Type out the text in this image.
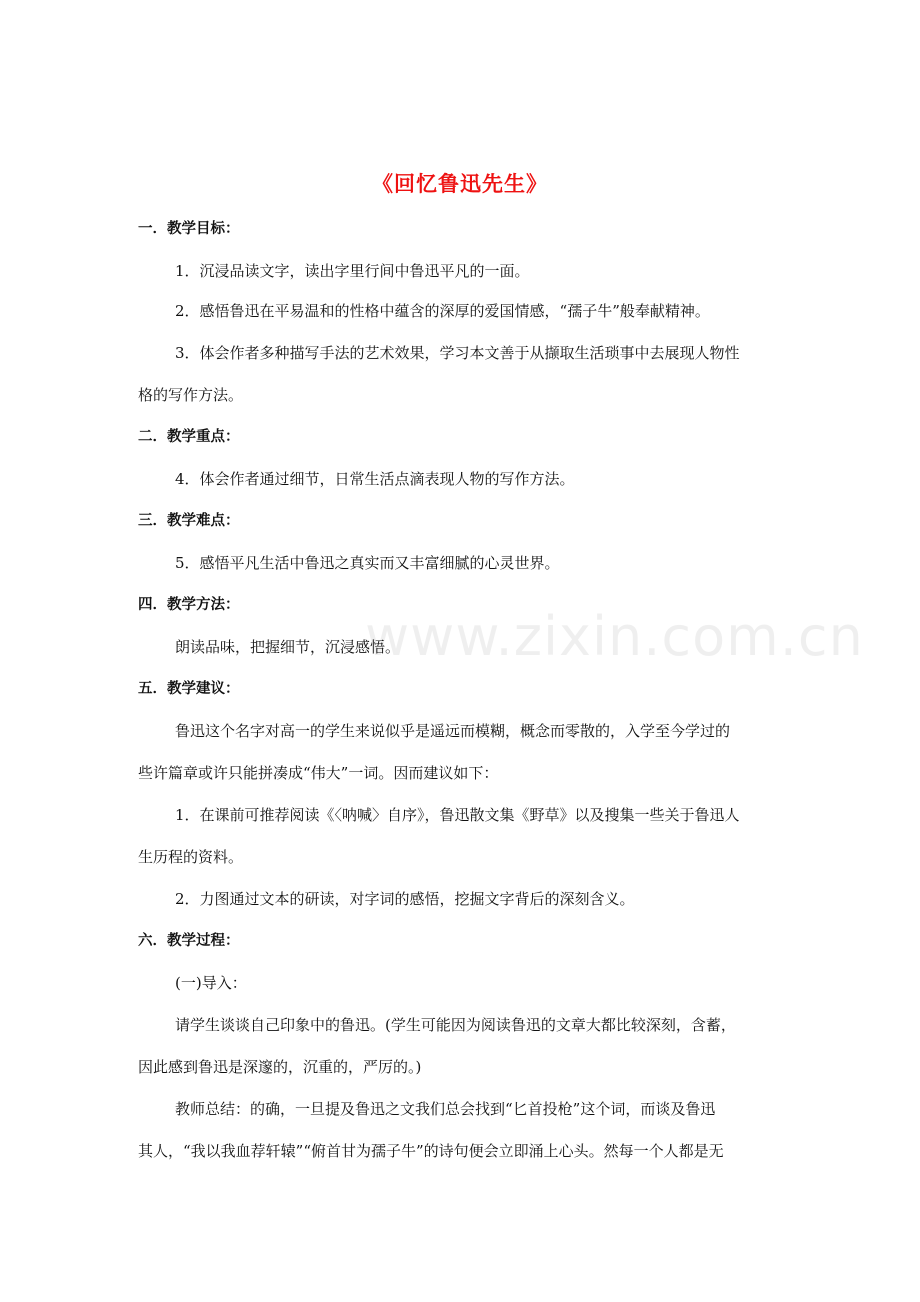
www.zixin.com.cn
《回忆鲁迅先生》
一．教学目标：
1．沉浸品读文字，读出字里行间中鲁迅平凡的一面。
2．感悟鲁迅在平易温和的性格中蕴含的深厚的爱国情感，“孺子牛”般奉献精神。
3．体会作者多种描写手法的艺术效果，学习本文善于从撷取生活琐事中去展现人物性
格的写作方法。
二．教学重点：
4．体会作者通过细节，日常生活点滴表现人物的写作方法。
三．教学难点：
5．感悟平凡生活中鲁迅之真实而又丰富细腻的心灵世界。
四．教学方法：
朗读品味，把握细节，沉浸感悟。
五．教学建议：
鲁迅这个名字对高一的学生来说似乎是遥远而模糊，概念而零散的，入学至今学过的
些许篇章或许只能拼凑成“伟大”一词。因而建议如下：
1．在课前可推荐阅读《〈呐喊〉自序》，鲁迅散文集《野草》以及搜集一些关于鲁迅人
生历程的资料。
2．力图通过文本的研读，对字词的感悟，挖掘文字背后的深刻含义。
六．教学过程：
(一)导入：
请学生谈谈自己印象中的鲁迅。(学生可能因为阅读鲁迅的文章大都比较深刻，含蓄，
因此感到鲁迅是深邃的，沉重的，严厉的。)
教师总结：的确，一旦提及鲁迅之文我们总会找到“匕首投枪”这个词，而谈及鲁迅
其人，“我以我血荐轩辕”“俯首甘为孺子牛”的诗句便会立即涌上心头。然每一个人都是无
